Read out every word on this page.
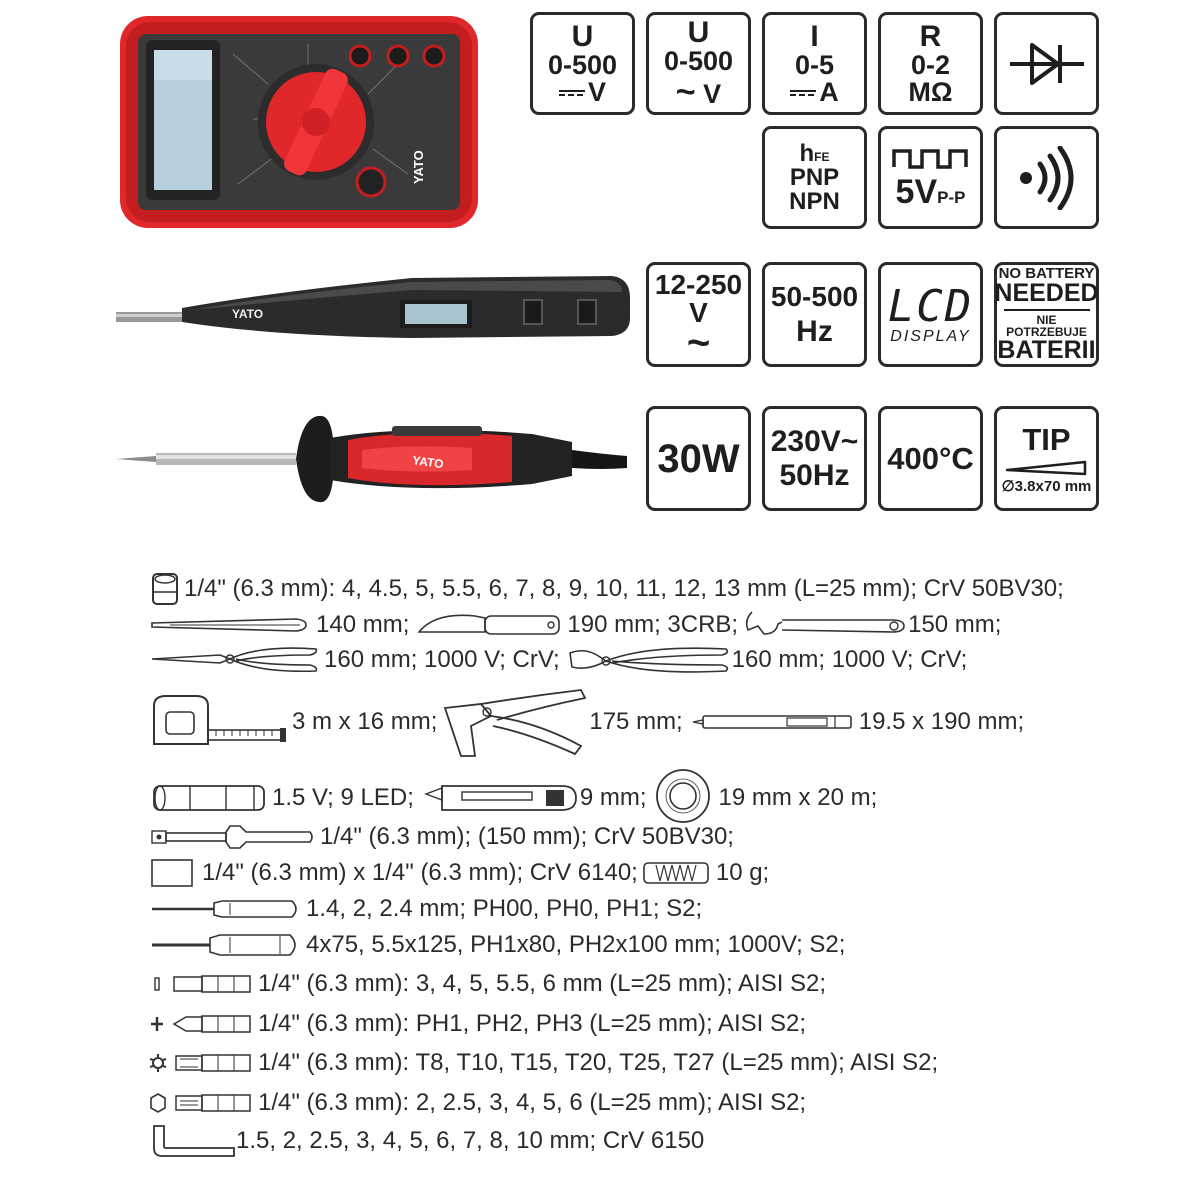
YATO
YATO
YATO
U
0-500
V
U
0-500
~ V
I
0-5
A
R
0-2
MΩ
hFE
PNP
NPN 5VP-P
12-250
V
~
50-500
Hz LCD
DISPLAY
NO BATTERY
NEEDED
NIE POTRZEBUJE
BATERII
30W 230V~
50Hz 400°C
TIP
∅3.8x70 mm
1/4" (6.3 mm): 4, 4.5, 5, 5.5, 6, 7, 8, 9, 10, 11, 12, 13 mm (L=25 mm); CrV 50BV30;
140 mm;	190 mm; 3CRB;	150 mm;
160 mm; 1000 V; CrV;	160 mm; 1000 V; CrV;
3 m x 16 mm;	175 mm;	19.5 x 190 mm;
1.5 V; 9 LED;	9 mm;	19 mm x 20 m;
1/4" (6.3 mm); (150 mm); CrV 50BV30;
1/4" (6.3 mm) x 1/4" (6.3 mm); CrV 6140;	10 g;
1.4, 2, 2.4 mm; PH00, PH0, PH1; S2;
4x75, 5.5x125, PH1x80, PH2x100 mm; 1000V; S2;
1/4" (6.3 mm): 3, 4, 5, 5.5, 6 mm (L=25 mm); AISI S2;
1/4" (6.3 mm): PH1, PH2, PH3 (L=25 mm); AISI S2;
1/4" (6.3 mm): T8, T10, T15, T20, T25, T27 (L=25 mm); AISI S2;
1/4" (6.3 mm): 2, 2.5, 3, 4, 5, 6 (L=25 mm); AISI S2;
1.5, 2, 2.5, 3, 4, 5, 6, 7, 8, 10 mm; CrV 6150
